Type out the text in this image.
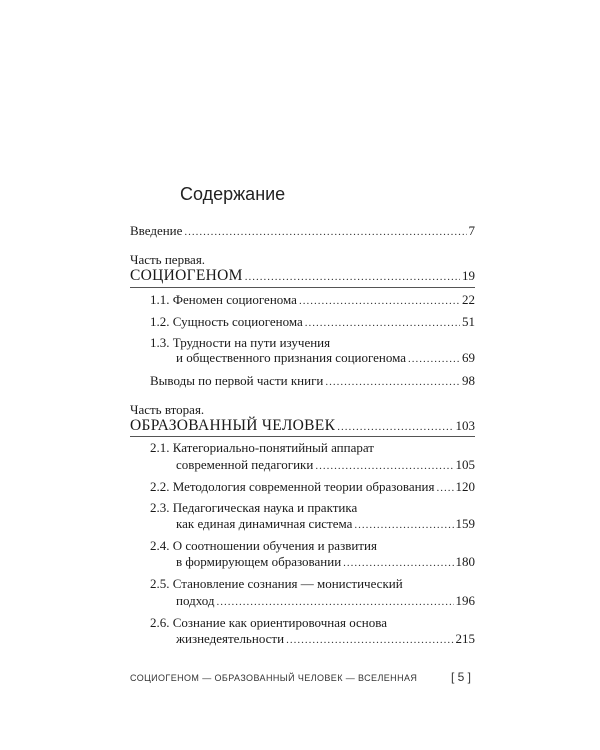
Содержание
Введение .....	7
Часть первая.
СОЦИОГЕНОМ .....	19
1.1. Феномен социогенома .....	22
1.2. Сущность социогенома .....	51
1.3. Трудности на пути изучения
и общественного признания социогенома .....	69
Выводы по первой части книги .....	98
Часть вторая.
ОБРАЗОВАННЫЙ ЧЕЛОВЕК .....	103
2.1. Категориально-понятийный аппарат
современной педагогики .....	105
2.2. Методология современной теории образования ..... 120
2.3. Педагогическая наука и практика
как единая динамичная система .....	159
2.4. О соотношении обучения и развития
в формирующем образовании .....	180
2.5. Становление сознания — монистический
подход .....	196
2.6. Сознание как ориентировочная основа
жизнедеятельности .....	215
СОЦИОГЕНОМ — ОБРАЗОВАННЫЙ ЧЕЛОВЕК — ВСЕЛЕННАЯ	[ 5 ]
